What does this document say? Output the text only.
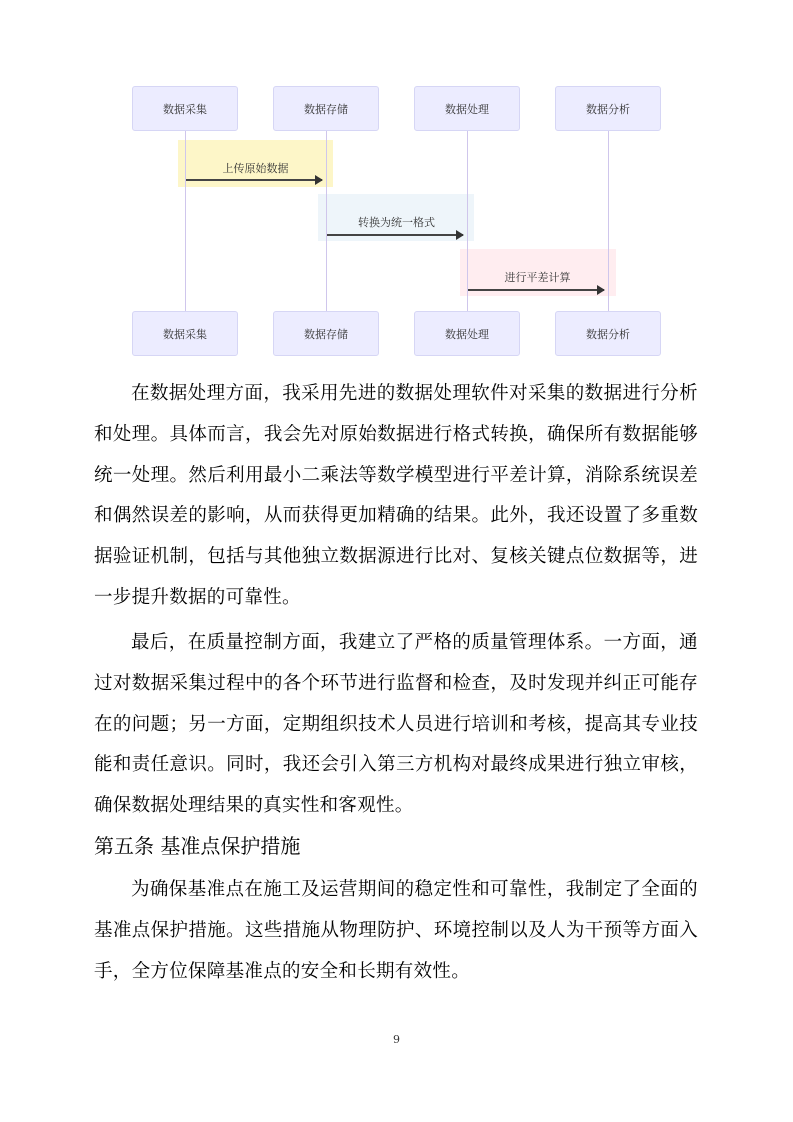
数据采集	数据存储	数据处理	数据分析
上传原始数据
转换为统一格式
进行平差计算
数据采集	数据存储	数据处理	数据分析

在数据处理方面，我采用先进的数据处理软件对采集的数据进行分析和处理。具体而言，我会先对原始数据进行格式转换，确保所有数据能够统一处理。然后利用最小二乘法等数学模型进行平差计算，消除系统误差和偶然误差的影响，从而获得更加精确的结果。此外，我还设置了多重数据验证机制，包括与其他独立数据源进行比对、复核关键点位数据等，进一步提升数据的可靠性。

最后，在质量控制方面，我建立了严格的质量管理体系。一方面，通过对数据采集过程中的各个环节进行监督和检查，及时发现并纠正可能存在的问题；另一方面，定期组织技术人员进行培训和考核，提高其专业技能和责任意识。同时，我还会引入第三方机构对最终成果进行独立审核，确保数据处理结果的真实性和客观性。

第五条 基准点保护措施

为确保基准点在施工及运营期间的稳定性和可靠性，我制定了全面的基准点保护措施。这些措施从物理防护、环境控制以及人为干预等方面入手，全方位保障基准点的安全和长期有效性。

9
